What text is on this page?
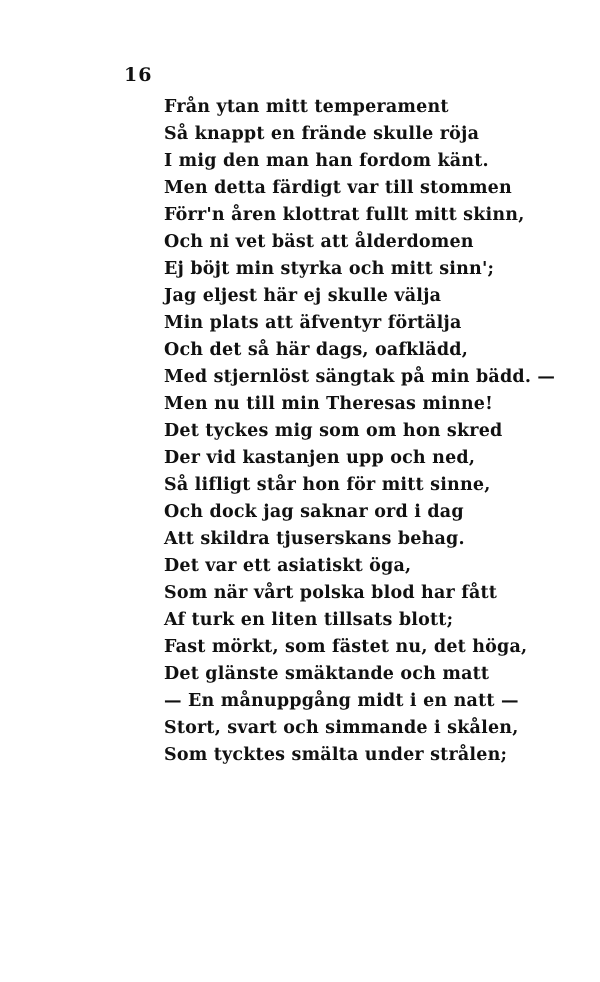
16
Från ytan mitt temperament
Så knappt en frände skulle röja
I mig den man han fordom känt.
Men detta färdigt var till stommen
Förr'n åren klottrat fullt mitt skinn,
Och ni vet bäst att ålderdomen
Ej böjt min styrka och mitt sinn';
Jag eljest här ej skulle välja
Min plats att äfventyr förtälja
Och det så här dags, oafklädd,
Med stjernlöst sängtak på min bädd. —
Men nu till min Theresas minne!
Det tyckes mig som om hon skred
Der vid kastanjen upp och ned,
Så lifligt står hon för mitt sinne,
Och dock jag saknar ord i dag
Att skildra tjuserskans behag.
Det var ett asiatiskt öga,
Som när vårt polska blod har fått
Af turk en liten tillsats blott;
Fast mörkt, som fästet nu, det höga,
Det glänste smäktande och matt
— En månuppgång midt i en natt —
Stort, svart och simmande i skålen,
Som tycktes smälta under strålen;
